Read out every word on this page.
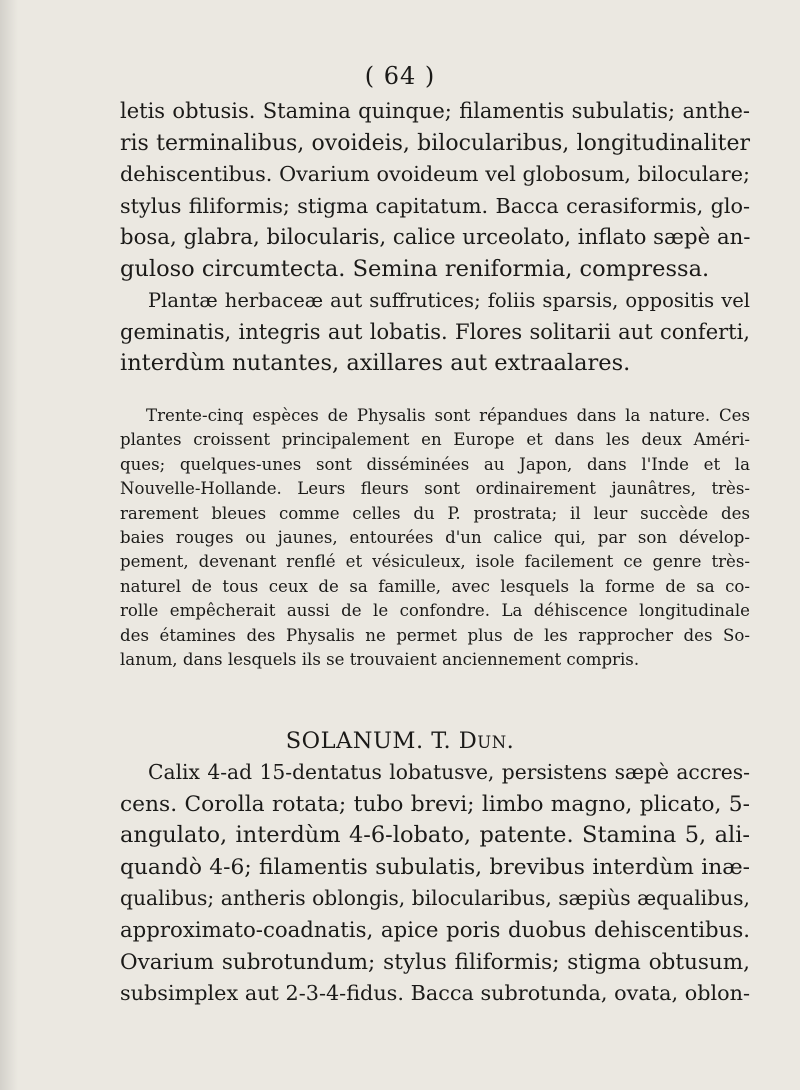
( 64 )
letis obtusis. Stamina quinque; filamentis subulatis; anthe-
ris terminalibus, ovoideis, bilocularibus, longitudinaliter
dehiscentibus. Ovarium ovoideum vel globosum, biloculare;
stylus filiformis; stigma capitatum. Bacca cerasiformis, glo-
bosa, glabra, bilocularis, calice urceolato, inflato sæpè an-
guloso circumtecta. Semina reniformia, compressa.
Plantæ herbaceæ aut suffrutices; foliis sparsis, oppositis vel
geminatis, integris aut lobatis. Flores solitarii aut conferti,
interdùm nutantes, axillares aut extraalares.
Trente-cinq espèces de Physalis sont répandues dans la nature. Ces
plantes croissent principalement en Europe et dans les deux Améri-
ques; quelques-unes sont disséminées au Japon, dans l'Inde et la
Nouvelle-Hollande. Leurs fleurs sont ordinairement jaunâtres, très-
rarement bleues comme celles du P. prostrata; il leur succède des
baies rouges ou jaunes, entourées d'un calice qui, par son dévelop-
pement, devenant renflé et vésiculeux, isole facilement ce genre très-
naturel de tous ceux de sa famille, avec lesquels la forme de sa co-
rolle empêcherait aussi de le confondre. La déhiscence longitudinale
des étamines des Physalis ne permet plus de les rapprocher des So-
lanum, dans lesquels ils se trouvaient anciennement compris.
SOLANUM. T. DUN.
Calix 4-ad 15-dentatus lobatusve, persistens sæpè accres-
cens. Corolla rotata; tubo brevi; limbo magno, plicato, 5-
angulato, interdùm 4-6-lobato, patente. Stamina 5, ali-
quandò 4-6; filamentis subulatis, brevibus interdùm inæ-
qualibus; antheris oblongis, bilocularibus, sæpiùs æqualibus,
approximato-coadnatis, apice poris duobus dehiscentibus.
Ovarium subrotundum; stylus filiformis; stigma obtusum,
subsimplex aut 2-3-4-fidus. Bacca subrotunda, ovata, oblon-
